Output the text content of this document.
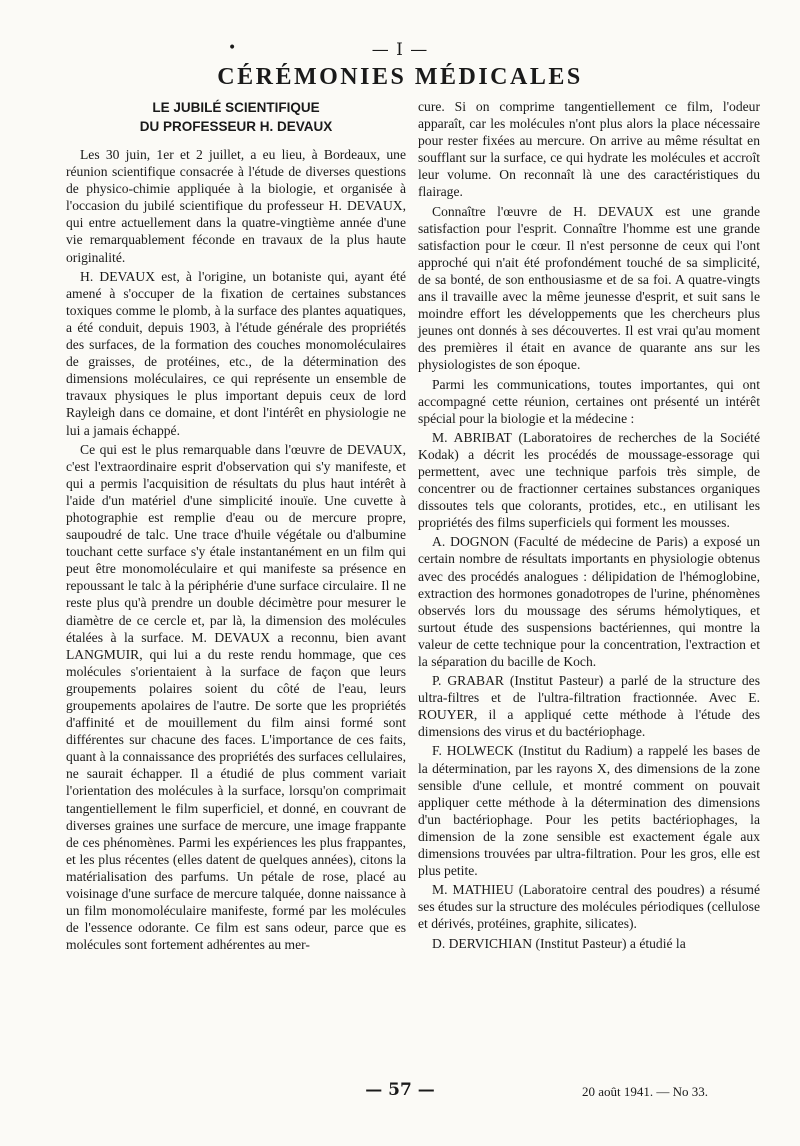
•	— I —
CÉRÉMONIES MÉDICALES
LE JUBILÉ SCIENTIFIQUE
DU PROFESSEUR H. DEVAUX

Les 30 juin, 1er et 2 juillet, a eu lieu, à Bordeaux, une réunion scientifique consacrée à l'étude de diverses questions de physico-chimie appliquée à la biologie, et organisée à l'occasion du jubilé scientifique du professeur H. DEVAUX, qui entre actuellement dans la quatre-vingtième année d'une vie remarquablement féconde en travaux de la plus haute originalité.

H. DEVAUX est, à l'origine, un botaniste qui, ayant été amené à s'occuper de la fixation de certaines substances toxiques comme le plomb, à la surface des plantes aquatiques, a été conduit, depuis 1903, à l'étude générale des propriétés des surfaces, de la formation des couches monomoléculaires de graisses, de protéines, etc., de la détermination des dimensions moléculaires, ce qui représente un ensemble de travaux physiques le plus important depuis ceux de lord Rayleigh dans ce domaine, et dont l'intérêt en physiologie ne lui a jamais échappé.

Ce qui est le plus remarquable dans l'œuvre de DEVAUX, c'est l'extraordinaire esprit d'observation qui s'y manifeste, et qui a permis l'acquisition de résultats du plus haut intérêt à l'aide d'un matériel d'une simplicité inouïe. Une cuvette à photographie est remplie d'eau ou de mercure propre, saupoudré de talc. Une trace d'huile végétale ou d'albumine touchant cette surface s'y étale instantanément en un film qui peut être monomoléculaire et qui manifeste sa présence en repoussant le talc à la périphérie d'une surface circulaire. Il ne reste plus qu'à prendre un double décimètre pour mesurer le diamètre de ce cercle et, par là, la dimension des molécules étalées à la surface. M. DEVAUX a reconnu, bien avant LANGMUIR, qui lui a du reste rendu hommage, que ces molécules s'orientaient à la surface de façon que leurs groupements polaires soient du côté de l'eau, leurs groupements apolaires de l'autre. De sorte que les propriétés d'affinité et de mouillement du film ainsi formé sont différentes sur chacune des faces. L'importance de ces faits, quant à la connaissance des propriétés des surfaces cellulaires, ne saurait échapper. Il a étudié de plus comment variait l'orientation des molécules à la surface, lorsqu'on comprimait tangentiellement le film superficiel, et donné, en couvrant de diverses graines une surface de mercure, une image frappante de ces phénomènes. Parmi les expériences les plus frappantes, et les plus récentes (elles datent de quelques années), citons la matérialisation des parfums. Un pétale de rose, placé au voisinage d'une surface de mercure talquée, donne naissance à un film monomoléculaire manifeste, formé par les molécules de l'essence odorante. Ce film est sans odeur, parce que es molécules sont fortement adhérentes au mer-

cure. Si on comprime tangentiellement ce film, l'odeur apparaît, car les molécules n'ont plus alors la place nécessaire pour rester fixées au mercure. On arrive au même résultat en soufflant sur la surface, ce qui hydrate les molécules et accroît leur volume. On reconnaît là une des caractéristiques du flairage.

Connaître l'œuvre de H. DEVAUX est une grande satisfaction pour l'esprit. Connaître l'homme est une grande satisfaction pour le cœur. Il n'est personne de ceux qui l'ont approché qui n'ait été profondément touché de sa simplicité, de sa bonté, de son enthousiasme et de sa foi. A quatre-vingts ans il travaille avec la même jeunesse d'esprit, et suit sans le moindre effort les développements que les chercheurs plus jeunes ont donnés à ses découvertes. Il est vrai qu'au moment des premières il était en avance de quarante ans sur les physiologistes de son époque.

Parmi les communications, toutes importantes, qui ont accompagné cette réunion, certaines ont présenté un intérêt spécial pour la biologie et la médecine :

M. ABRIBAT (Laboratoires de recherches de la Société Kodak) a décrit les procédés de moussage-essorage qui permettent, avec une technique parfois très simple, de concentrer ou de fractionner certaines substances organiques dissoutes tels que colorants, protides, etc., en utilisant les propriétés des films superficiels qui forment les mousses.

A. DOGNON (Faculté de médecine de Paris) a exposé un certain nombre de résultats importants en physiologie obtenus avec des procédés analogues : délipidation de l'hémoglobine, extraction des hormones gonadotropes de l'urine, phénomènes observés lors du moussage des sérums hémolytiques, et surtout étude des suspensions bactériennes, qui montre la valeur de cette technique pour la concentration, l'extraction et la séparation du bacille de Koch.

P. GRABAR (Institut Pasteur) a parlé de la structure des ultra-filtres et de l'ultra-filtration fractionnée. Avec E. ROUYER, il a appliqué cette méthode à l'étude des dimensions des virus et du bactériophage.

F. HOLWECK (Institut du Radium) a rappelé les bases de la détermination, par les rayons X, des dimensions de la zone sensible d'une cellule, et montré comment on pouvait appliquer cette méthode à la détermination des dimensions d'un bactériophage. Pour les petits bactériophages, la dimension de la zone sensible est exactement égale aux dimensions trouvées par ultra-filtration. Pour les gros, elle est plus petite.

M. MATHIEU (Laboratoire central des poudres) a résumé ses études sur la structure des molécules périodiques (cellulose et dérivés, protéines, graphite, silicates).

D. DERVICHIAN (Institut Pasteur) a étudié la

— 57 —	20 août 1941. — No 33.
